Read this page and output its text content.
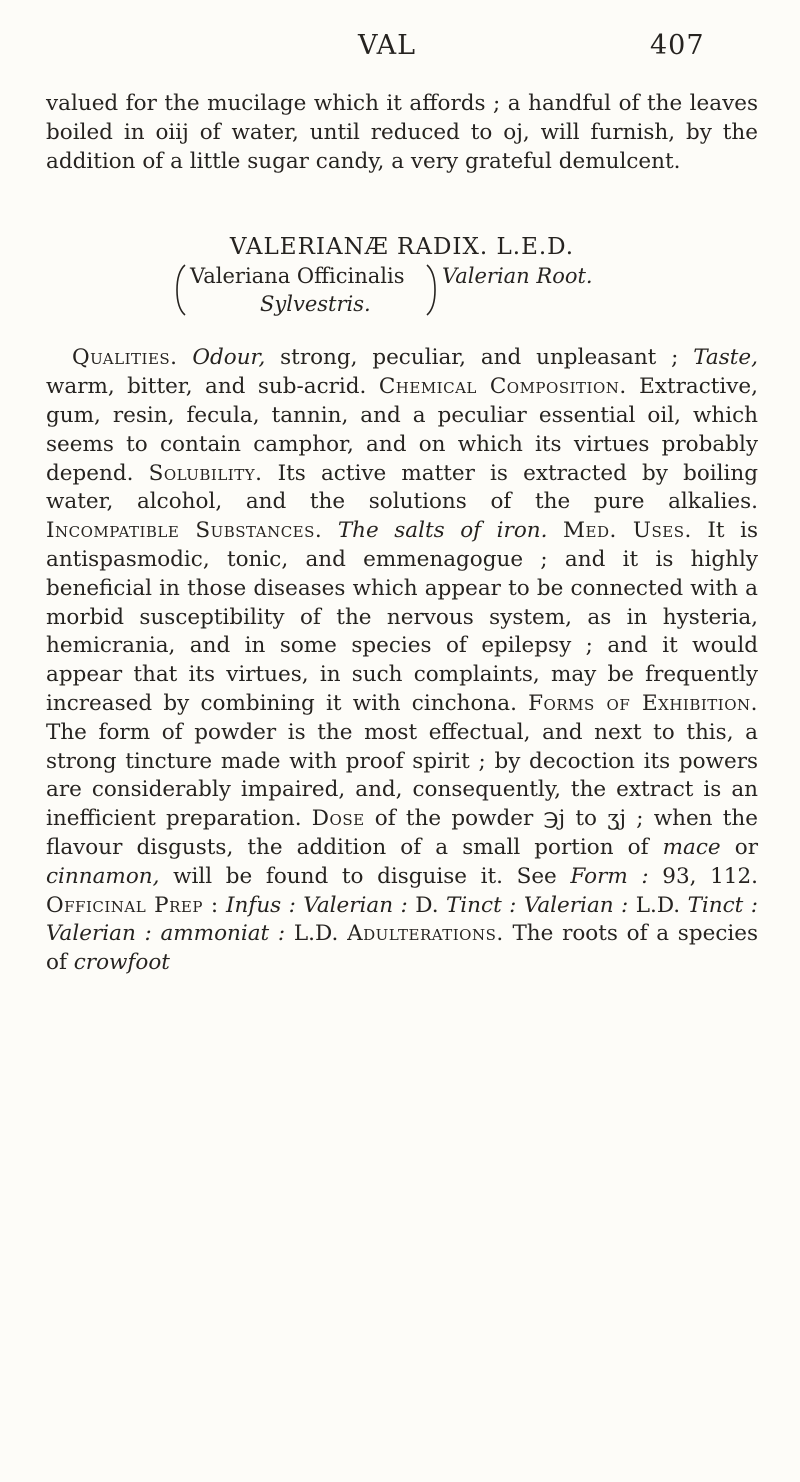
VAL	407

valued for the mucilage which it affords ; a handful of the leaves boiled in oiij of water, until reduced to oj, will furnish, by the addition of a little sugar candy, a very grateful demulcent.

VALERIANÆ RADIX. L.E.D.

Valeriana Officinalis
Sylvestris.
Valerian Root.

Qualities. Odour, strong, peculiar, and unpleasant ; Taste, warm, bitter, and sub-acrid. Chemical Composition. Extractive, gum, resin, fecula, tannin, and a peculiar essential oil, which seems to contain camphor, and on which its virtues probably depend. Solubility. Its active matter is extracted by boiling water, alcohol, and the solutions of the pure alkalies. Incompatible Substances. The salts of iron. Med. Uses. It is antispasmodic, tonic, and emmenagogue ; and it is highly beneficial in those diseases which appear to be connected with a morbid susceptibility of the nervous system, as in hysteria, hemicrania, and in some species of epilepsy ; and it would appear that its virtues, in such complaints, may be frequently increased by combining it with cinchona. Forms of Exhibition. The form of powder is the most effectual, and next to this, a strong tincture made with proof spirit ; by decoction its powers are considerably impaired, and, consequently, the extract is an inefficient preparation. Dose of the powder ℈j to ʒj ; when the flavour disgusts, the addition of a small portion of mace or cinnamon, will be found to disguise it. See Form : 93, 112. Officinal Prep : Infus : Valerian : D. Tinct : Valerian : L.D. Tinct : Valerian : ammoniat : L.D. Adulterations. The roots of a species of crowfoot
